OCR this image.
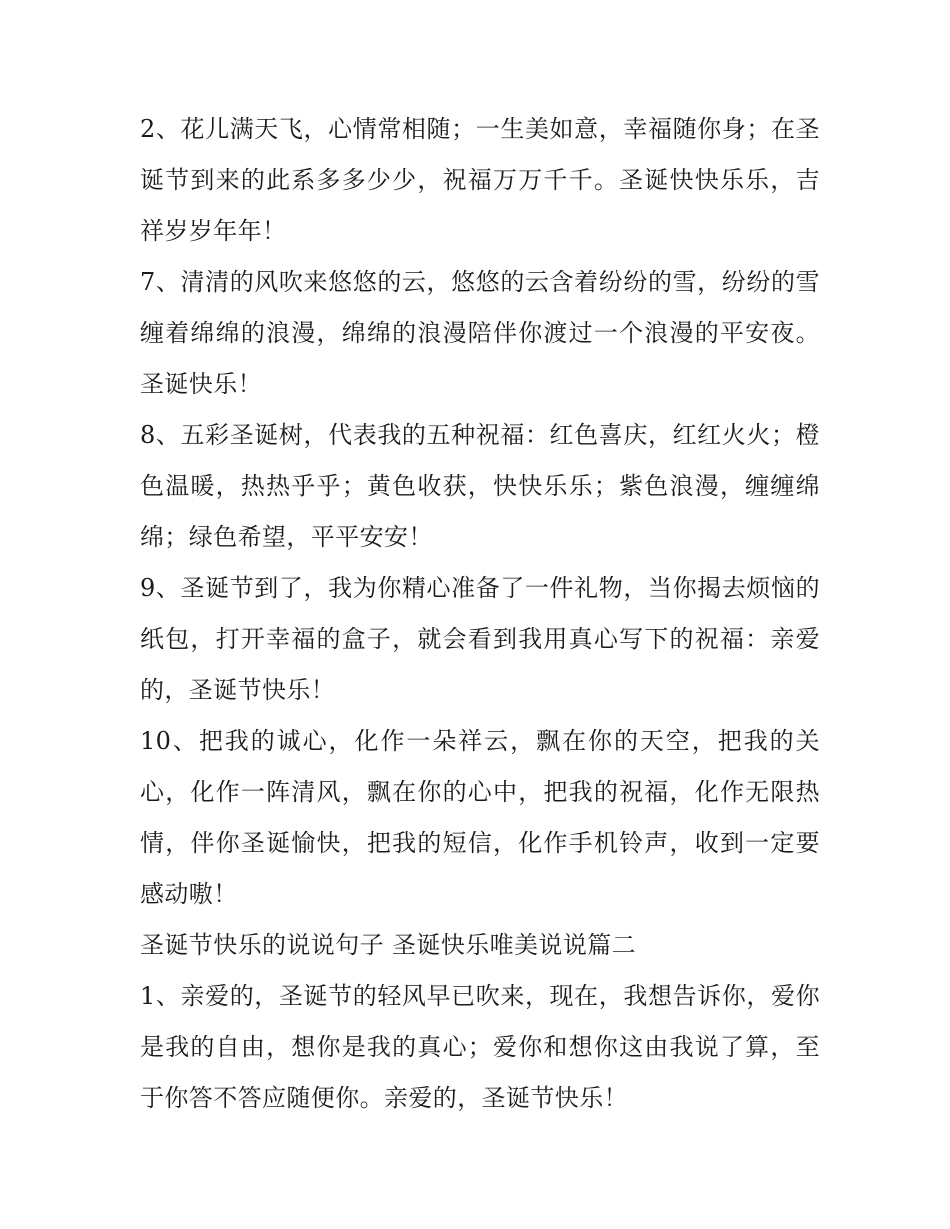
2、花儿满天飞，心情常相随；一生美如意，幸福随你身；在圣诞节到来的此系多多少少，祝福万万千千。圣诞快快乐乐，吉祥岁岁年年！

7、清清的风吹来悠悠的云，悠悠的云含着纷纷的雪，纷纷的雪缠着绵绵的浪漫，绵绵的浪漫陪伴你渡过一个浪漫的平安夜。圣诞快乐！

8、五彩圣诞树，代表我的五种祝福：红色喜庆，红红火火；橙色温暖，热热乎乎；黄色收获，快快乐乐；紫色浪漫，缠缠绵绵；绿色希望，平平安安！

9、圣诞节到了，我为你精心准备了一件礼物，当你揭去烦恼的纸包，打开幸福的盒子，就会看到我用真心写下的祝福：亲爱的，圣诞节快乐！

10、把我的诚心，化作一朵祥云，飘在你的天空，把我的关心，化作一阵清风，飘在你的心中，把我的祝福，化作无限热情，伴你圣诞愉快，把我的短信，化作手机铃声，收到一定要感动嗷！

圣诞节快乐的说说句子 圣诞快乐唯美说说篇二

1、亲爱的，圣诞节的轻风早已吹来，现在，我想告诉你，爱你是我的自由，想你是我的真心；爱你和想你这由我说了算，至于你答不答应随便你。亲爱的，圣诞节快乐！
